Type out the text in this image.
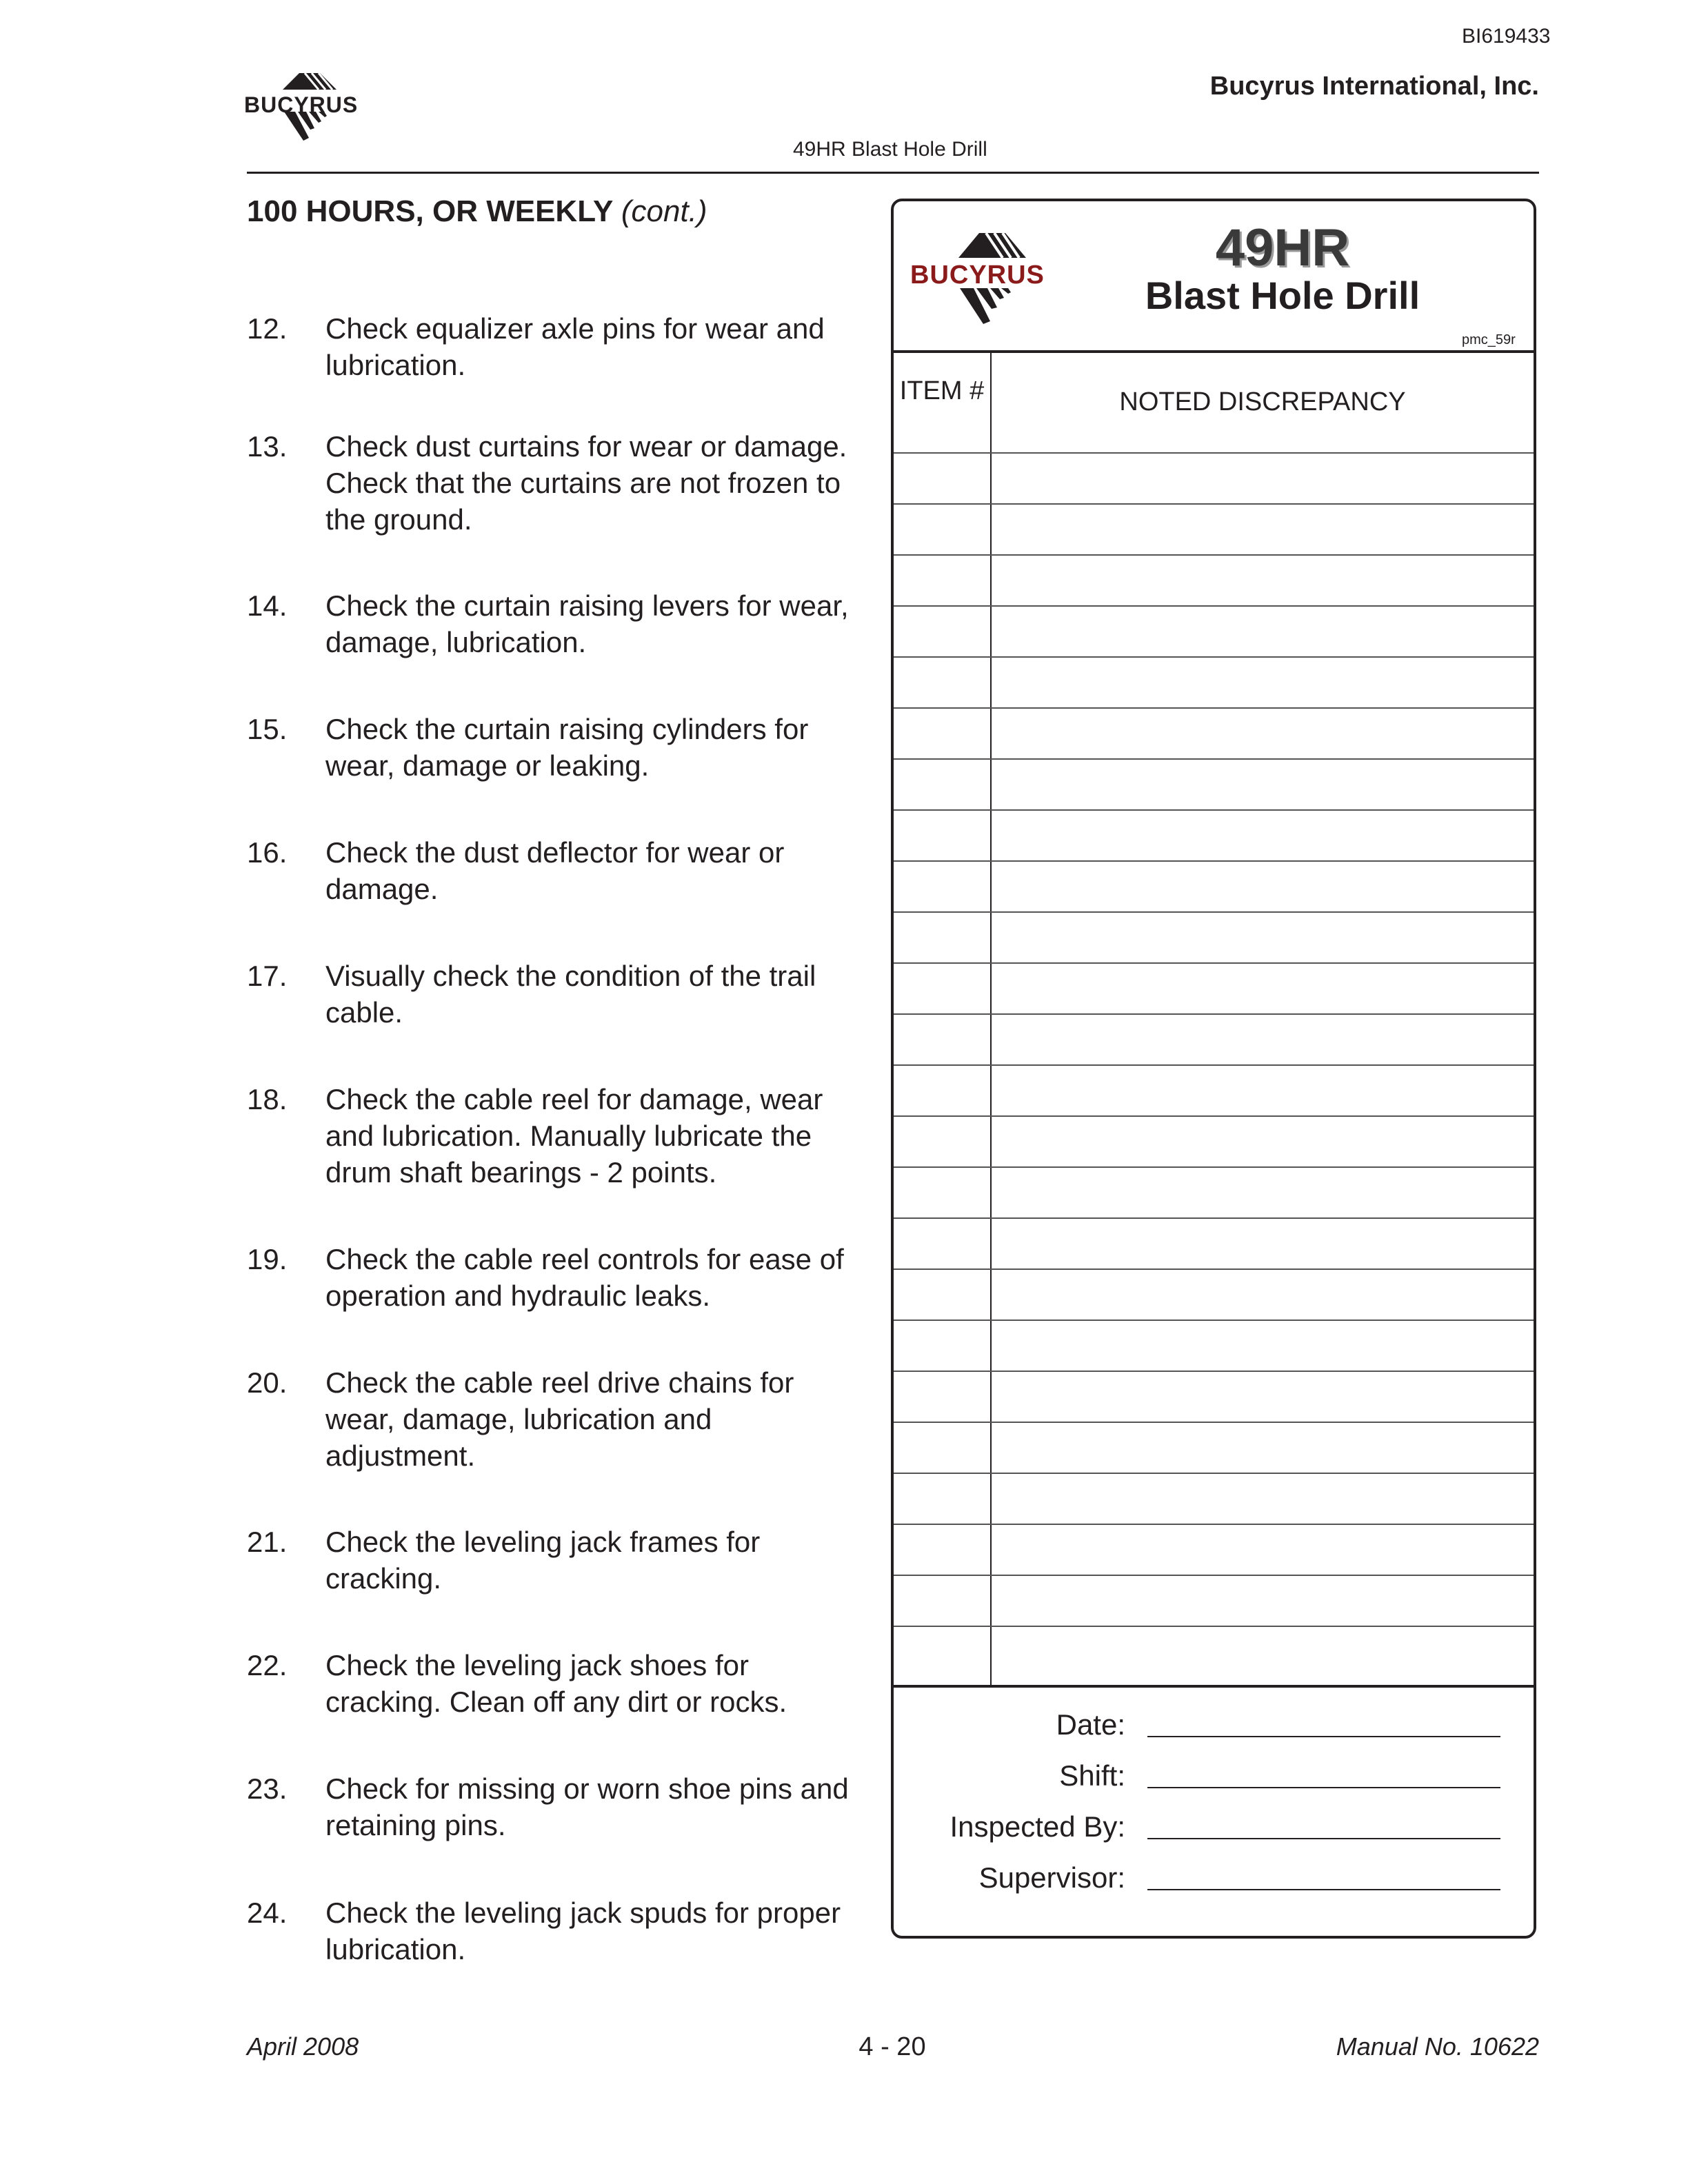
BI619433
Bucyrus International, Inc.
BUCYRUS
49HR Blast Hole Drill
100 HOURS, OR WEEKLY (cont.)
12.	Check equalizer axle pins for wear and lubrication.
13.	Check dust curtains for wear or damage. Check that the curtains are not frozen to the ground.
14.	Check the curtain raising levers for wear, damage, lubrication.
15.	Check the curtain raising cylinders for wear, damage or leaking.
16.	Check the dust deflector for wear or damage.
17.	Visually check the condition of the trail cable.
18.	Check the cable reel for damage, wear and lubrication. Manually lubricate the drum shaft bearings - 2 points.
19.	Check the cable reel controls for ease of operation and hydraulic leaks.
20.	Check the cable reel drive chains for wear, damage, lubrication and adjustment.
21.	Check the leveling jack frames for cracking.
22.	Check the leveling jack shoes for cracking. Clean off any dirt or rocks.
23.	Check for missing or worn shoe pins and retaining pins.
24.	Check the leveling jack spuds for proper lubrication.
BUCYRUS	49HR
Blast Hole Drill
pmc_59r
ITEM #	NOTED DISCREPANCY
Date:
Shift:
Inspected By:
Supervisor:
April 2008	4 - 20	Manual No. 10622
